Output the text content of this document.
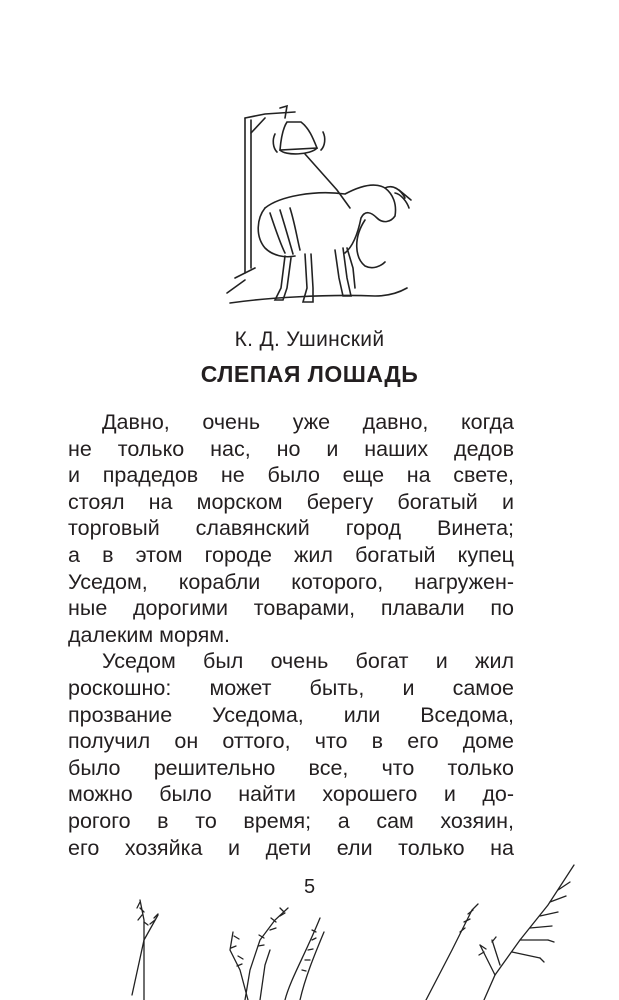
К. Д. Ушинский
СЛЕПАЯ ЛОШАДЬ
Давно, очень уже давно, когда
не только нас, но и наших дедов
и прадедов не было еще на свете,
стоял на морском берегу богатый и
торговый славянский город Винета;
а в этом городе жил богатый купец
Уседом, корабли которого, нагружен-
ные дорогими товарами, плавали по
далеким морям.
Уседом был очень богат и жил
роскошно: может быть, и самое
прозвание Уседома, или Вседома,
получил он оттого, что в его доме
было решительно все, что только
можно было найти хорошего и до-
рогого в то время; а сам хозяин,
его хозяйка и дети ели только на
5
